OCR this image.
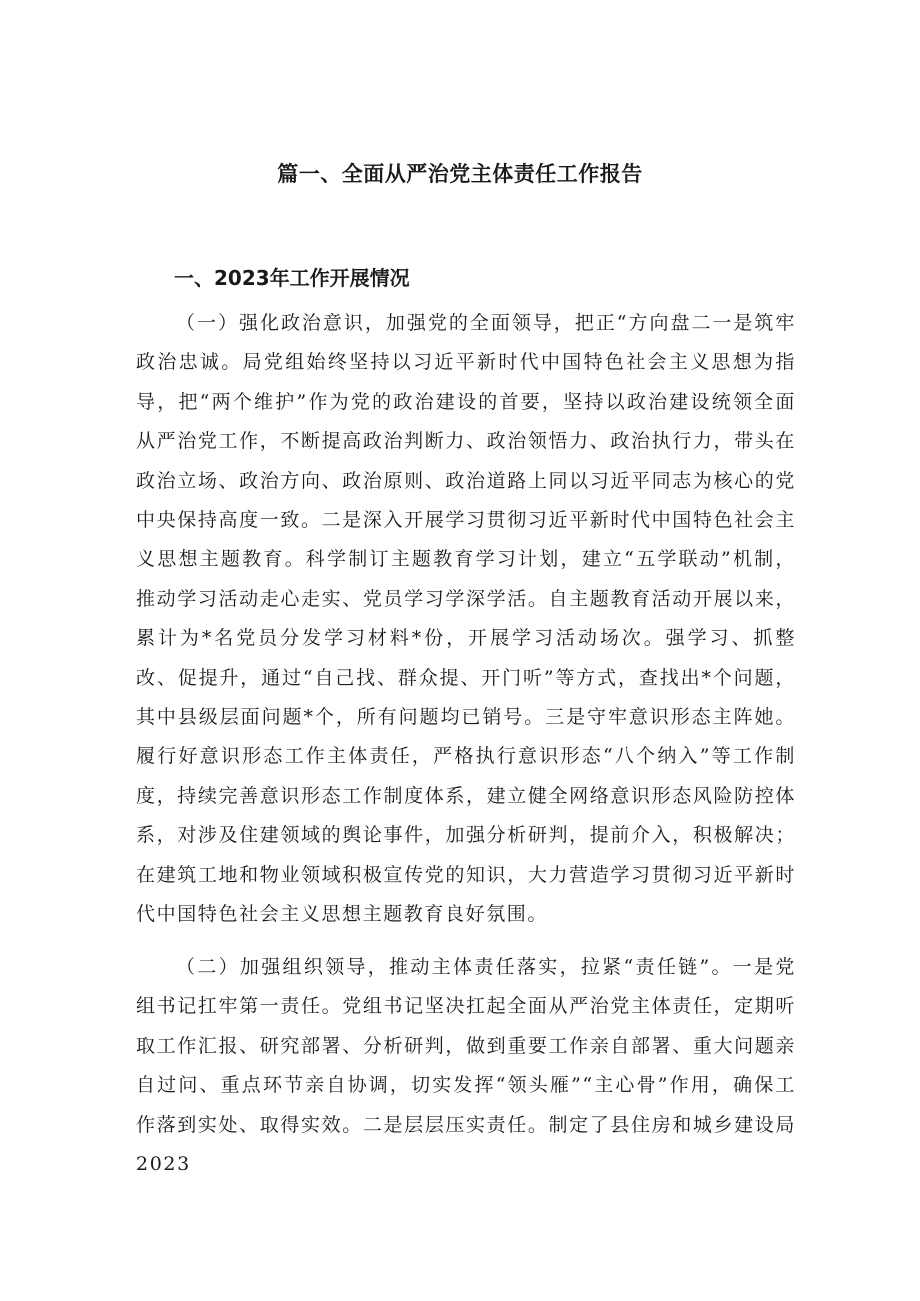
篇一、全面从严治党主体责任工作报告
一、2023年工作开展情况

（一）强化政治意识，加强党的全面领导，把正“方向盘二一是筑牢政治忠诚。局党组始终坚持以习近平新时代中国特色社会主义思想为指导，把“两个维护”作为党的政治建设的首要，坚持以政治建设统领全面从严治党工作，不断提高政治判断力、政治领悟力、政治执行力，带头在政治立场、政治方向、政治原则、政治道路上同以习近平同志为核心的党中央保持高度一致。二是深入开展学习贯彻习近平新时代中国特色社会主义思想主题教育。科学制订主题教育学习计划，建立“五学联动”机制，推动学习活动走心走实、党员学习学深学活。自主题教育活动开展以来，累计为*名党员分发学习材料*份，开展学习活动场次。强学习、抓整改、促提升，通过“自己找、群众提、开门听”等方式，查找出*个问题，其中县级层面问题*个，所有问题均已销号。三是守牢意识形态主阵她。履行好意识形态工作主体责任，严格执行意识形态“八个纳入”等工作制度，持续完善意识形态工作制度体系，建立健全网络意识形态风险防控体系，对涉及住建领域的舆论事件，加强分析研判，提前介入，积极解决；在建筑工地和物业领域积极宣传党的知识，大力营造学习贯彻习近平新时代中国特色社会主义思想主题教育良好氛围。

（二）加强组织领导，推动主体责任落实，拉紧“责任链”。一是党组书记扛牢第一责任。党组书记坚决扛起全面从严治党主体责任，定期听取工作汇报、研究部署、分析研判，做到重要工作亲自部署、重大问题亲自过问、重点环节亲自协调，切实发挥“领头雁”“主心骨”作用，确保工作落到实处、取得实效。二是层层压实责任。制定了县住房和城乡建设局2023
